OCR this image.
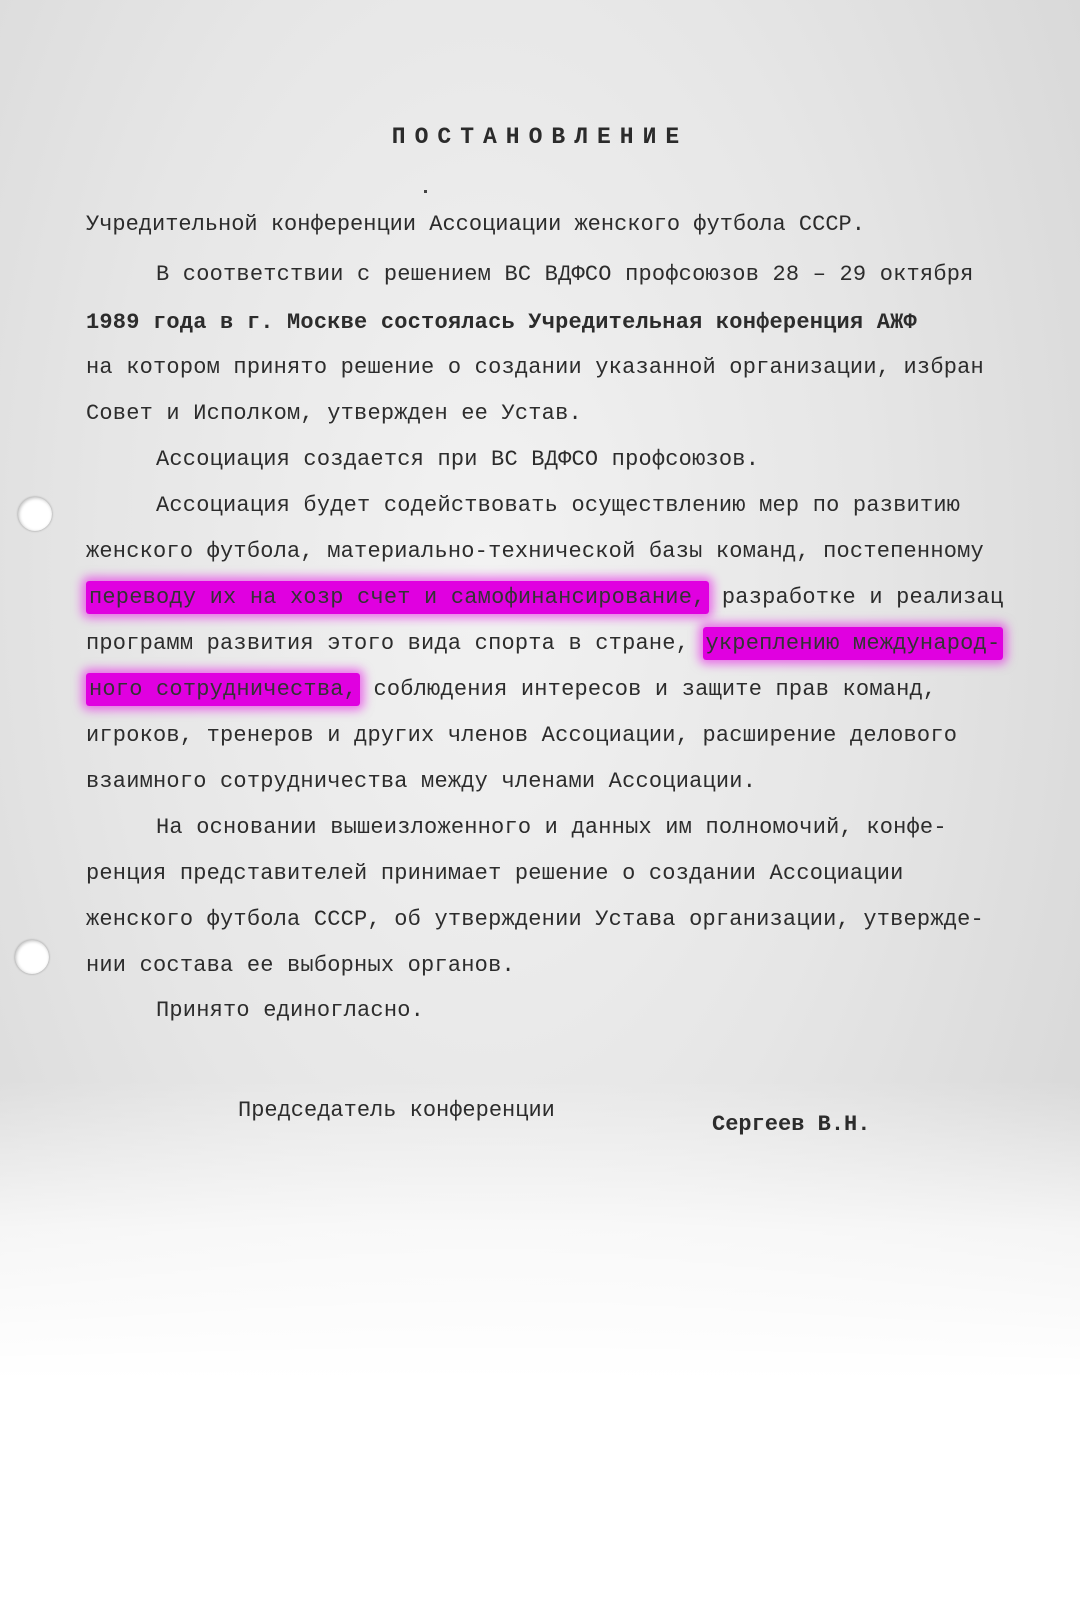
ПОСТАНОВЛЕНИЕ
Учредительной конференции Ассоциации женского футбола СССР.
В соответствии с решением ВС ВДФСО профсоюзов 28 – 29 октября
1989 года в г. Москве состоялась Учредительная конференция АЖФ
на котором принято решение о создании указанной организации, избран
Совет и Исполком, утвержден ее Устав.
Ассоциация создается при ВС ВДФСО профсоюзов.
Ассоциация будет содействовать осуществлению мер по развитию
женского футбола, материально-технической базы команд, постепенному
переводу их на хозр счет и самофинансирование, разработке и реализац
программ развития этого вида спорта в стране, укреплению международ-
ного сотрудничества, соблюдения интересов и защите прав команд,
игроков, тренеров и других членов Ассоциации, расширение делового
взаимного сотрудничества между членами Ассоциации.
На основании вышеизложенного и данных им полномочий, конфе-
ренция представителей принимает решение о создании Ассоциации
женского футбола СССР, об утверждении Устава организации, утвержде-
нии состава ее выборных органов.
Принято единогласно.
Председатель конференции
Сергеев В.Н.
